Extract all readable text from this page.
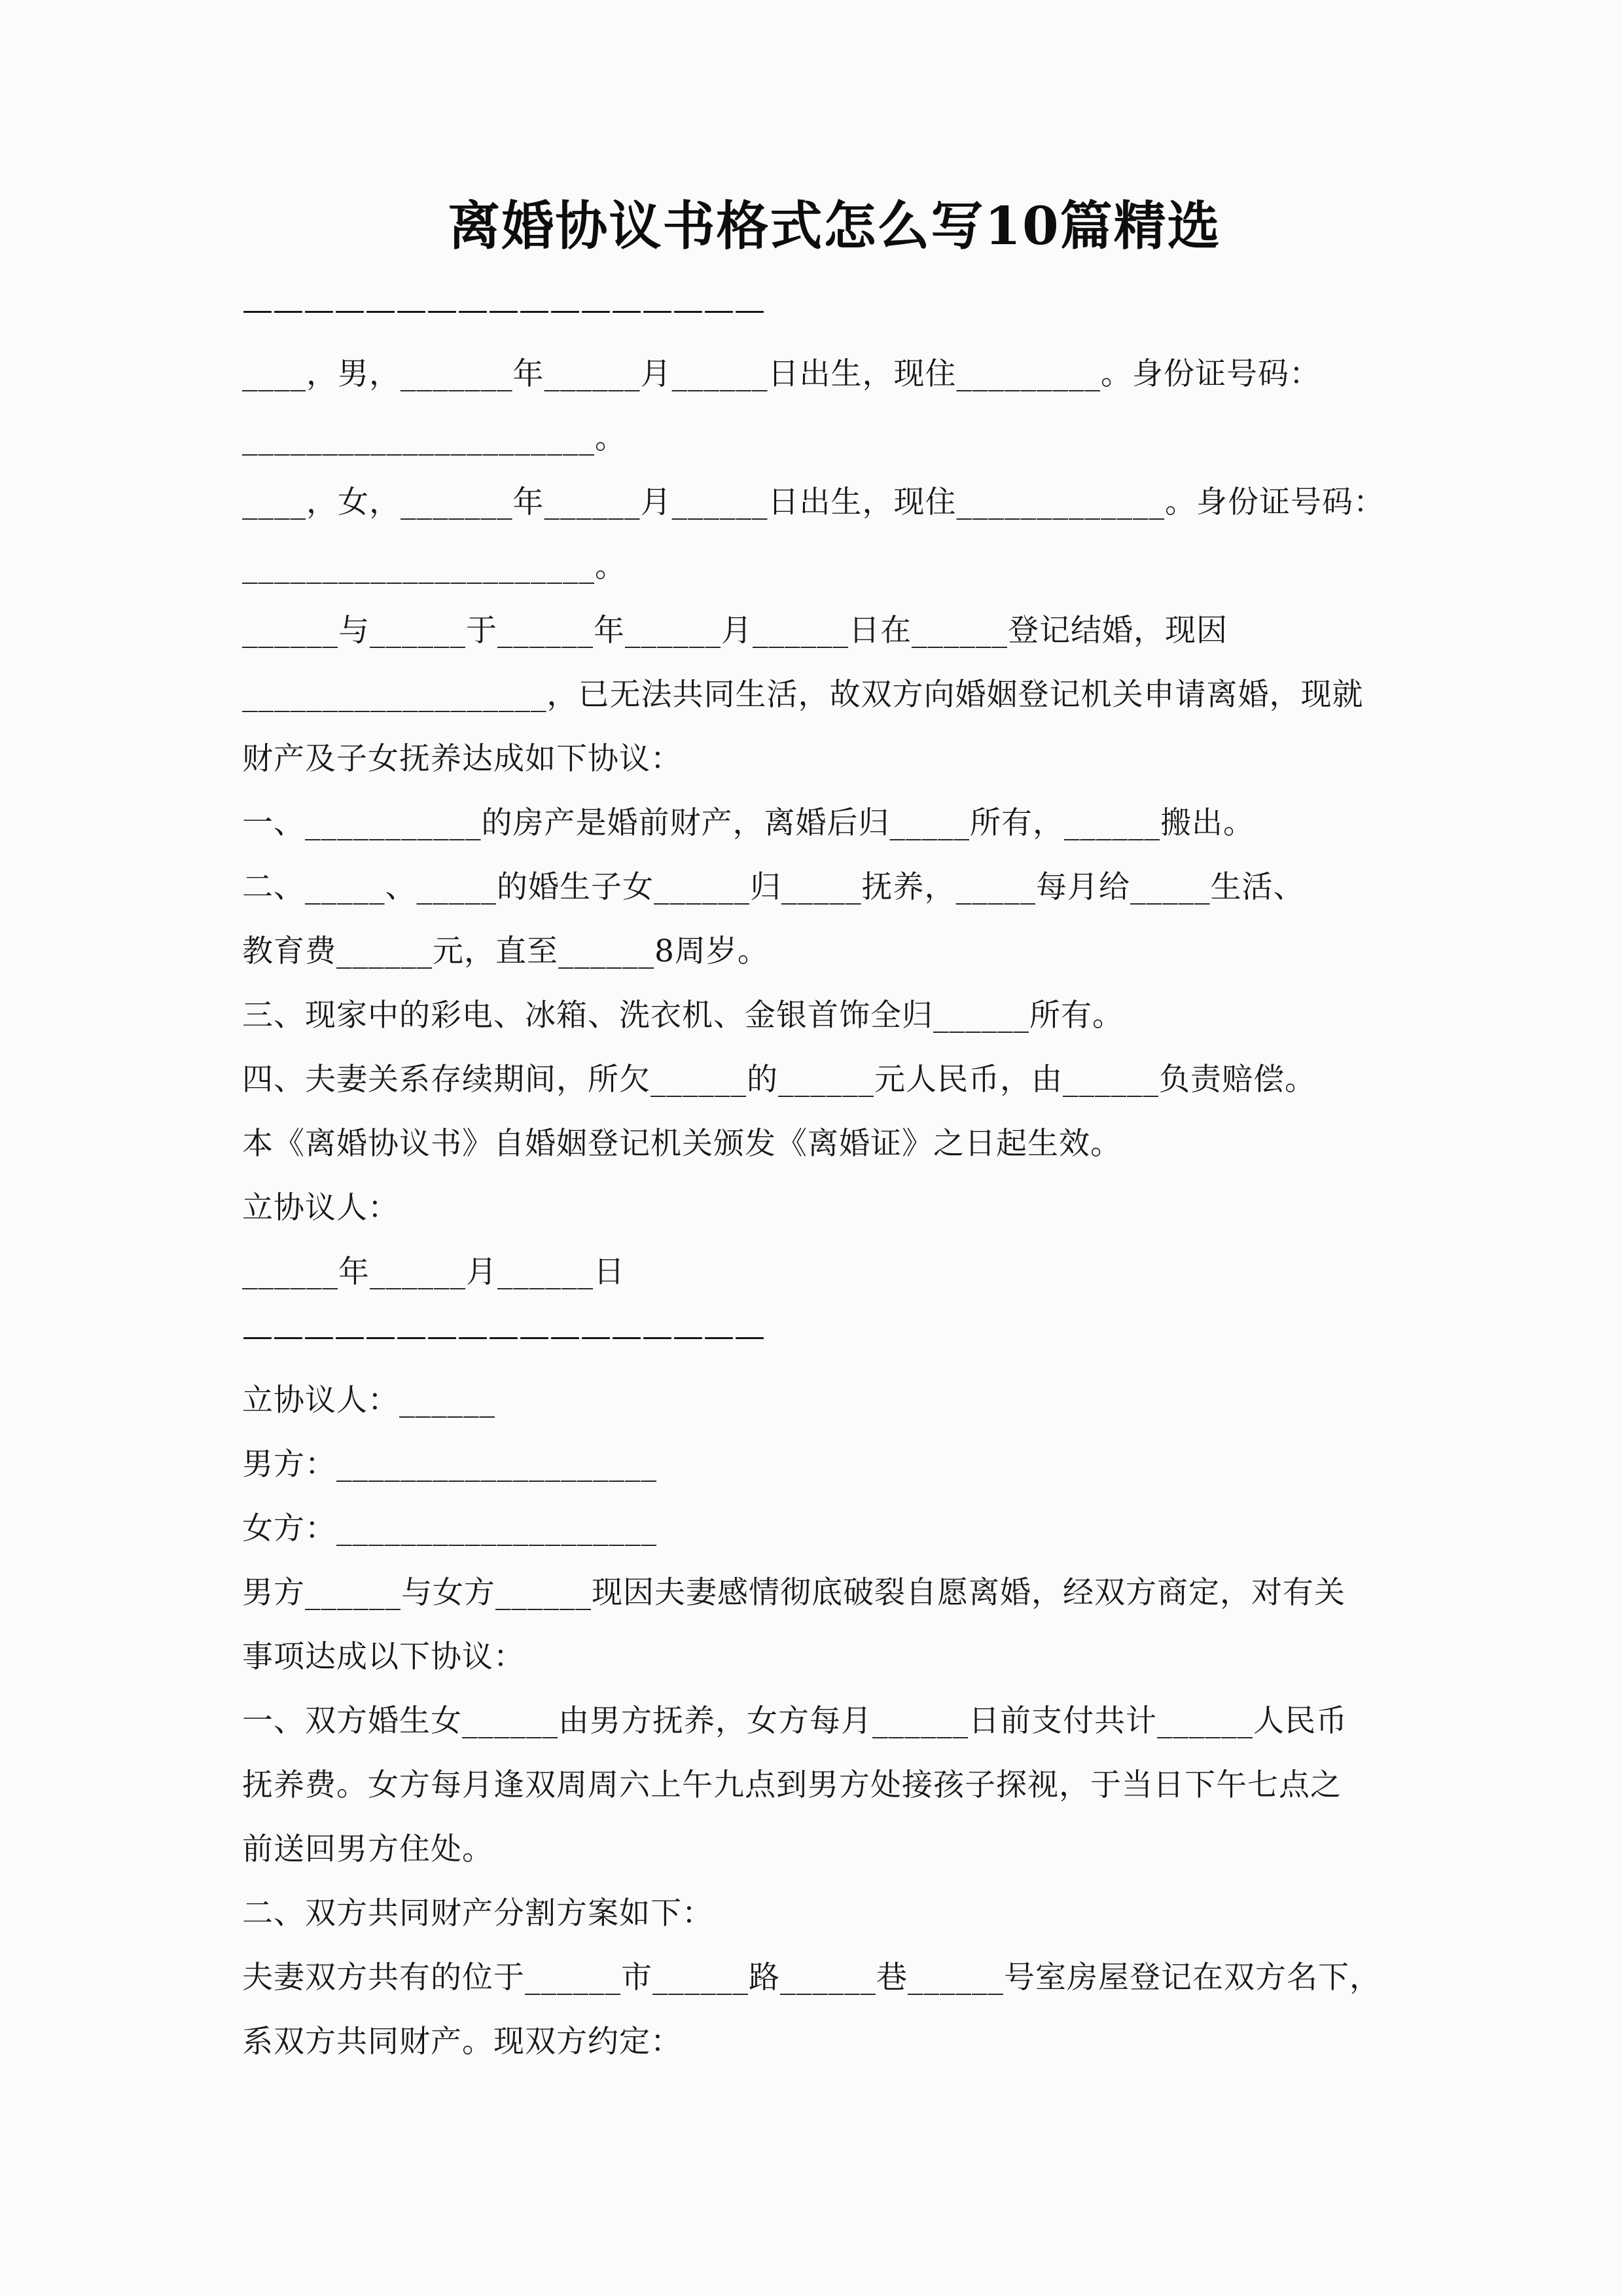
离婚协议书格式怎么写10篇精选
—————————————————
____，男，_______年______月______日出生，现住_________。身份证号码：
______________________。
____，女，_______年______月______日出生，现住_____________。身份证号码：
______________________。
______与______于______年______月______日在______登记结婚，现因
___________________，已无法共同生活，故双方向婚姻登记机关申请离婚，现就
财产及子女抚养达成如下协议：
一、___________的房产是婚前财产，离婚后归_____所有，______搬出。
二、_____、_____的婚生子女______归_____抚养，_____每月给_____生活、
教育费______元，直至______8周岁。
三、现家中的彩电、冰箱、洗衣机、金银首饰全归______所有。
四、夫妻关系存续期间，所欠______的______元人民币，由______负责赔偿。
本《离婚协议书》自婚姻登记机关颁发《离婚证》之日起生效。
立协议人：
______年______月______日
—————————————————
立协议人：______
男方：____________________
女方：____________________
男方______与女方______现因夫妻感情彻底破裂自愿离婚，经双方商定，对有关
事项达成以下协议：
一、双方婚生女______由男方抚养，女方每月______日前支付共计______人民币
抚养费。女方每月逢双周周六上午九点到男方处接孩子探视，于当日下午七点之
前送回男方住处。
二、双方共同财产分割方案如下：
夫妻双方共有的位于______市______路______巷______号室房屋登记在双方名下，
系双方共同财产。现双方约定：
